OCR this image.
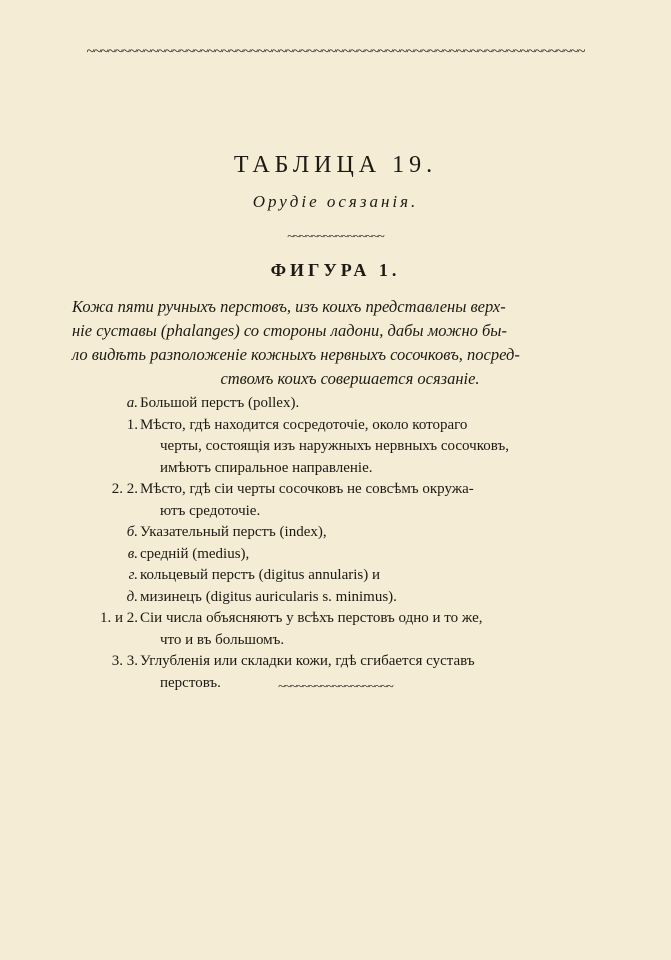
~~~~~~~~~~~~~~~~~~~~~~~~~~~~~~~~~~~~~~~~~~~~~~~~~~~~~~~~~~~~~~~~~~~~~~
ТАБЛИЦА 19.
Орудіе осязанія.
~~~~~~~~~~~~~~~~
ФИГУРА 1.
Кожа пяти ручныхъ перстовъ, изъ коихъ представлены верх-
ніе суставы (phalanges) со стороны ладони, дабы можно бы-
ло видѣть разположеніе кожныхъ нервныхъ сосочковъ, посред-
ствомъ коихъ совершается осязаніе.
а. Большой перстъ (pollex).
1. Мѣсто, гдѣ находится сосредоточіе, около котораго
черты, состоящія изъ наружныхъ нервныхъ сосочковъ,
имѣютъ спиральное направленіе.
2. 2. Мѣсто, гдѣ сіи черты сосочковъ не совсѣмъ окружа-
ютъ средоточіе.
б. Указательный перстъ (index),
в. средній (medius),
г. кольцевый перстъ (digitus annularis) и
д. мизинецъ (digitus auricularis s. minimus).
1. и 2. Сіи числа объясняютъ у всѣхъ перстовъ одно и то же,
что и въ большомъ.
3. 3. Углубленія или складки кожи, гдѣ сгибается суставъ
перстовъ.	~~~~~~~~~~~~~~~~~~~
